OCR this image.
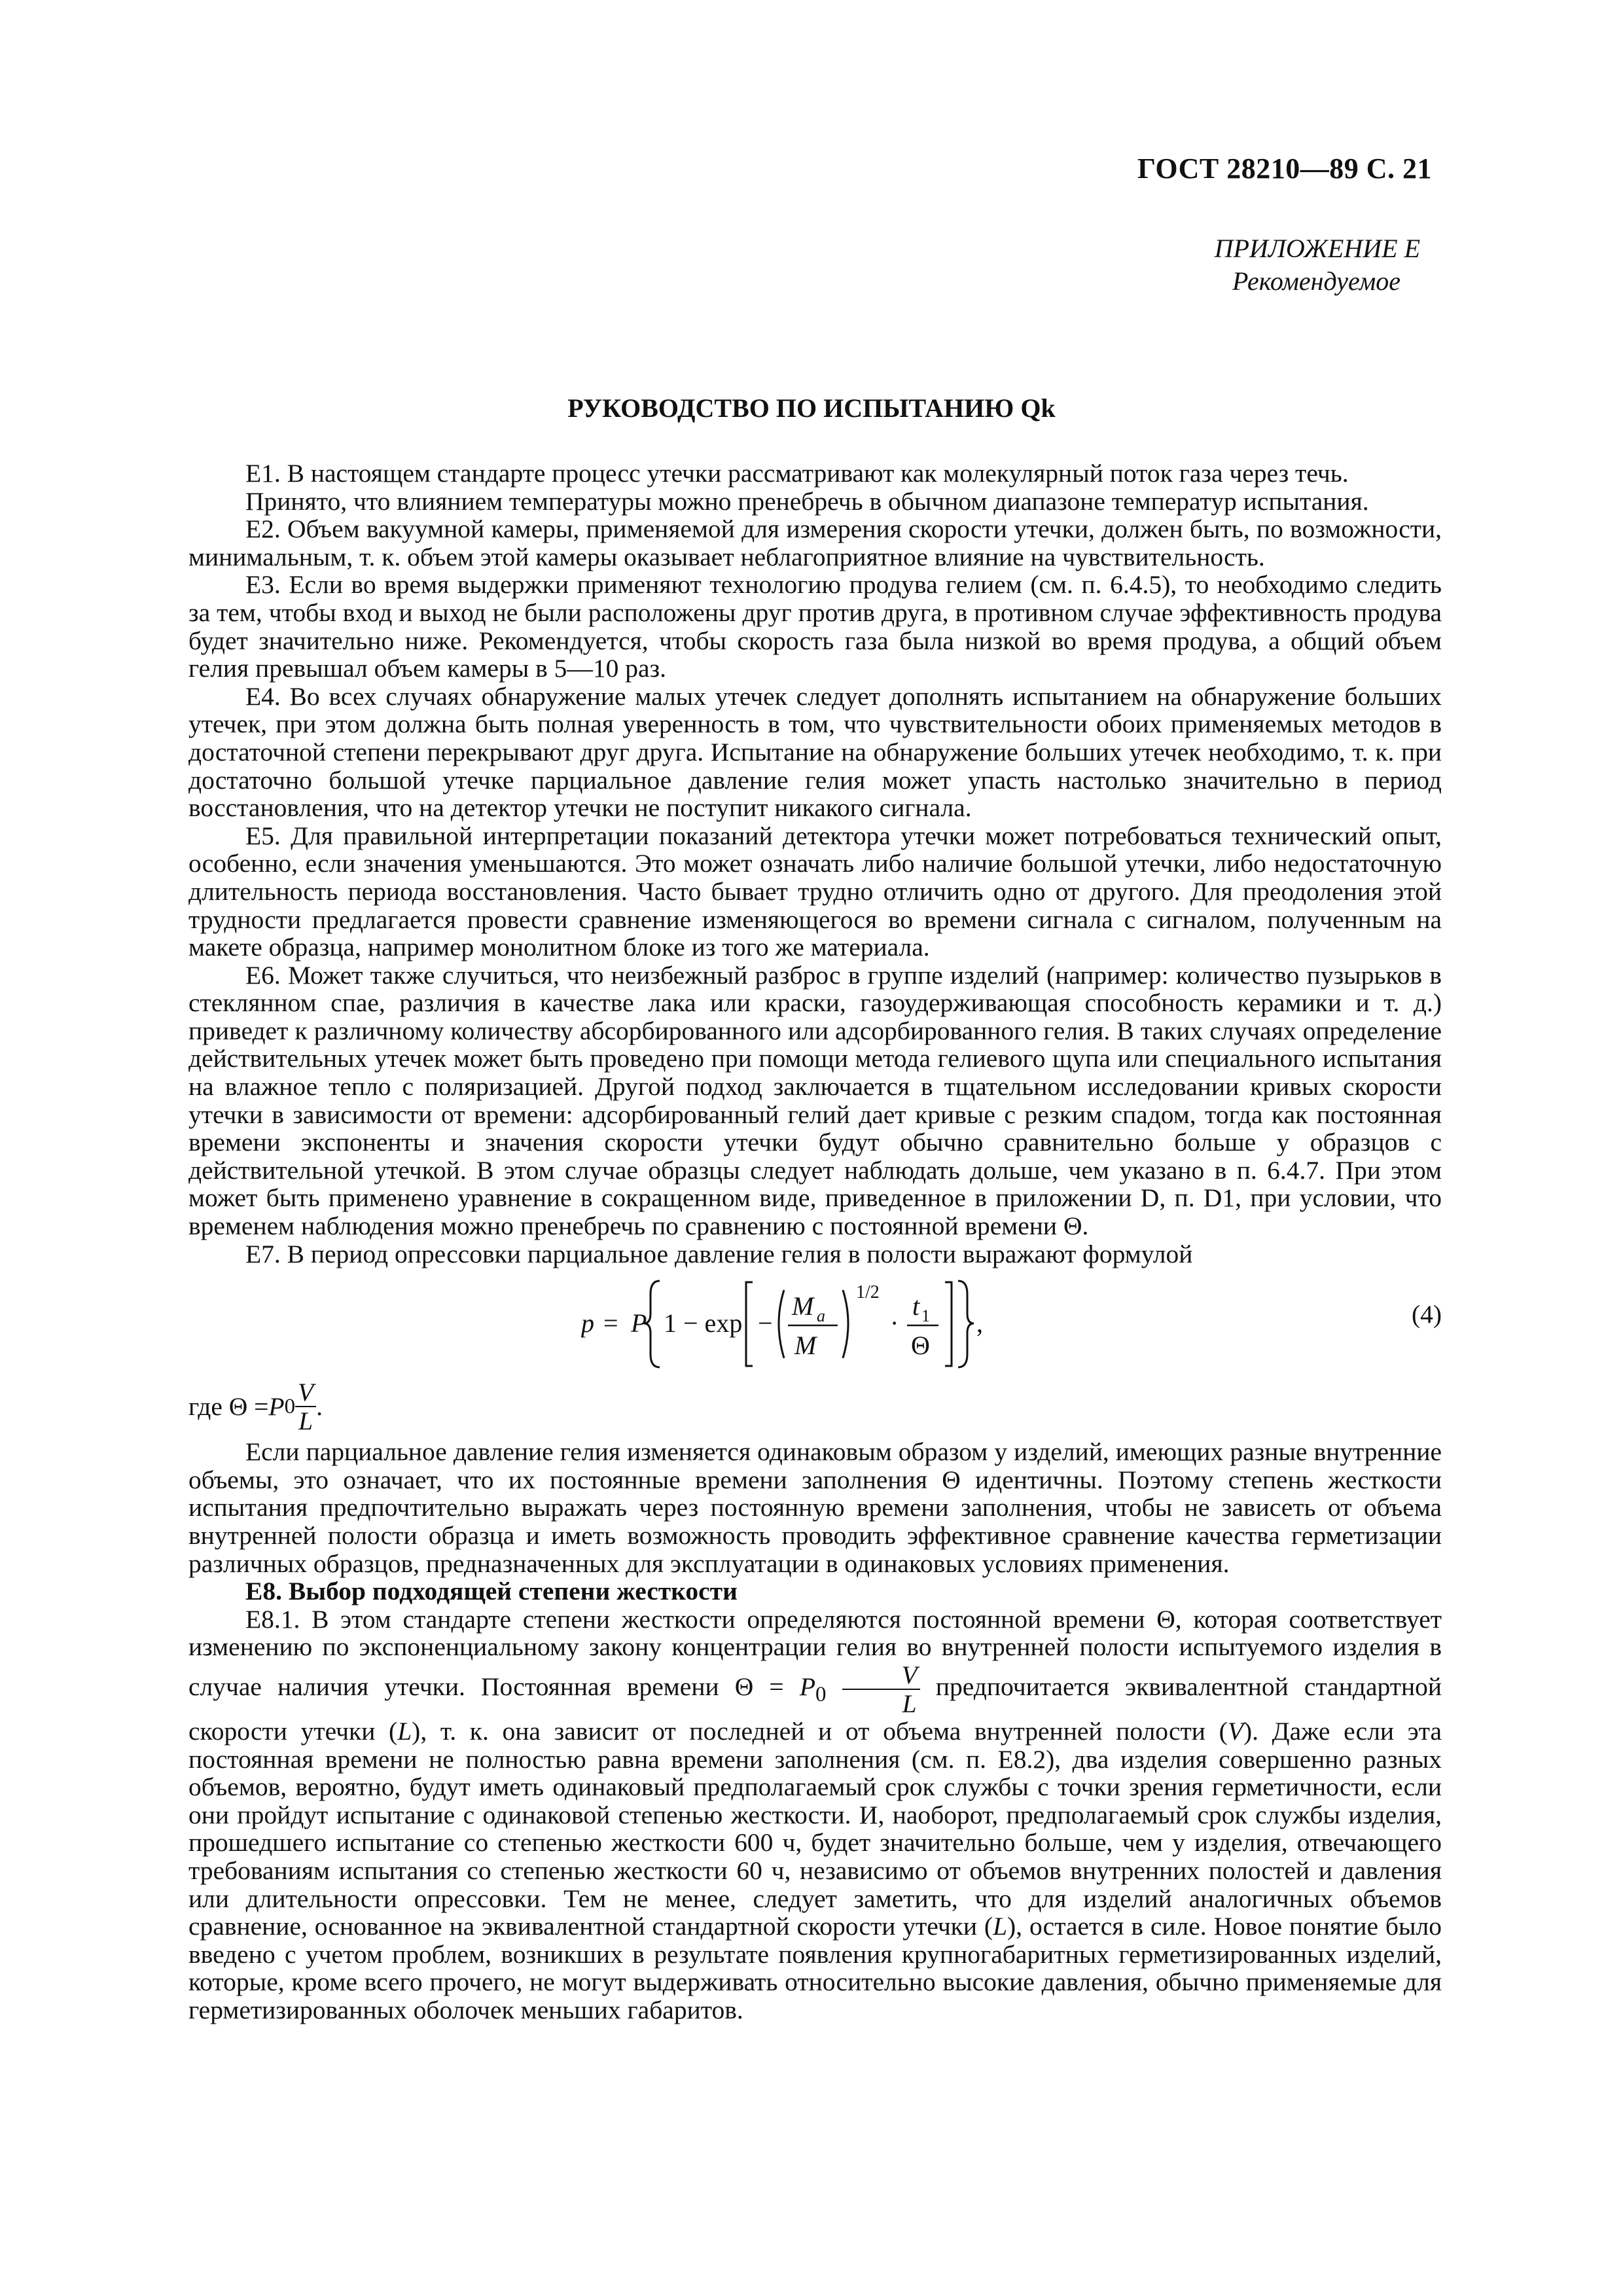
ГОСТ 28210—89 С. 21
ПРИЛОЖЕНИЕ Е
Рекомендуемое
РУКОВОДСТВО ПО ИСПЫТАНИЮ Qk

Е1. В настоящем стандарте процесс утечки рассматривают как молекулярный поток газа через течь.

Принято, что влиянием температуры можно пренебречь в обычном диапазоне температур испытания.

Е2. Объем вакуумной камеры, применяемой для измерения скорости утечки, должен быть, по возможности, минимальным, т. к. объем этой камеры оказывает неблагоприятное влияние на чувствительность.

Е3. Если во время выдержки применяют технологию продува гелием (см. п. 6.4.5), то необходимо следить за тем, чтобы вход и выход не были расположены друг против друга, в противном случае эффективность продува будет значительно ниже. Рекомендуется, чтобы скорость газа была низкой во время продува, а общий объем гелия превышал объем камеры в 5—10 раз.

Е4. Во всех случаях обнаружение малых утечек следует дополнять испытанием на обнаружение больших утечек, при этом должна быть полная уверенность в том, что чувствительности обоих применяемых методов в достаточной степени перекрывают друг друга. Испытание на обнаружение больших утечек необходимо, т. к. при достаточно большой утечке парциальное давление гелия может упасть настолько значительно в период восстановления, что на детектор утечки не поступит никакого сигнала.

Е5. Для правильной интерпретации показаний детектора утечки может потребоваться технический опыт, особенно, если значения уменьшаются. Это может означать либо наличие большой утечки, либо недостаточную длительность периода восстановления. Часто бывает трудно отличить одно от другого. Для преодоления этой трудности предлагается провести сравнение изменяющегося во времени сигнала с сигналом, полученным на макете образца, например монолитном блоке из того же материала.

Е6. Может также случиться, что неизбежный разброс в группе изделий (например: количество пузырьков в стеклянном спае, различия в качестве лака или краски, газоудерживающая способность керамики и т. д.) приведет к различному количеству абсорбированного или адсорбированного гелия. В таких случаях определение действительных утечек может быть проведено при помощи метода гелиевого щупа или специального испытания на влажное тепло с поляризацией. Другой подход заключается в тщательном исследовании кривых скорости утечки в зависимости от времени: адсорбированный гелий дает кривые с резким спадом, тогда как постоянная времени экспоненты и значения скорости утечки будут обычно сравнительно больше у образцов с действительной утечкой. В этом случае образцы следует наблюдать дольше, чем указано в п. 6.4.7. При этом может быть применено уравнение в сокращенном виде, приведенное в приложении D, п. D1, при условии, что временем наблюдения можно пренебречь по сравнению с постоянной времени Θ.

Е7. В период опрессовки парциальное давление гелия в полости выражают формулой

p = P 1 − exp −
M a
M
1/2
·
t 1
Θ
,	(4)

где Θ = P $0 \frac{V}{L}$ .

Если парциальное давление гелия изменяется одинаковым образом у изделий, имеющих разные внутренние объемы, это означает, что их постоянные времени заполнения Θ идентичны. Поэтому степень жесткости испытания предпочтительно выражать через постоянную времени заполнения, чтобы не зависеть от объема внутренней полости образца и иметь возможность проводить эффективное сравнение качества герметизации различных образцов, предназначенных для эксплуатации в одинаковых условиях применения.

Е8. Выбор подходящей степени жесткости

Е8.1. В этом стандарте степени жесткости определяются постоянной времени Θ, которая соответствует изменению по экспоненциальному закону концентрации гелия во внутренней полости испытуемого изделия в случае наличия утечки. Постоянная времени $\Theta = P_0 \frac{V}{L}$ предпочитается эквивалентной стандартной скорости утечки (L), т. к. она зависит от последней и от объема внутренней полости (V). Даже если эта постоянная времени не полностью равна времени заполнения (см. п. Е8.2), два изделия совершенно разных объемов, вероятно, будут иметь одинаковый предполагаемый срок службы с точки зрения герметичности, если они пройдут испытание с одинаковой степенью жесткости. И, наоборот, предполагаемый срок службы изделия, прошедшего испытание со степенью жесткости 600 ч, будет значительно больше, чем у изделия, отвечающего требованиям испытания со степенью жесткости 60 ч, независимо от объемов внутренних полостей и давления или длительности опрессовки. Тем не менее, следует заметить, что для изделий аналогичных объемов сравнение, основанное на эквивалентной стандартной скорости утечки (L), остается в силе. Новое понятие было введено с учетом проблем, возникших в результате появления крупногабаритных герметизированных изделий, которые, кроме всего прочего, не могут выдерживать относительно высокие давления, обычно применяемые для герметизированных оболочек меньших габаритов.
